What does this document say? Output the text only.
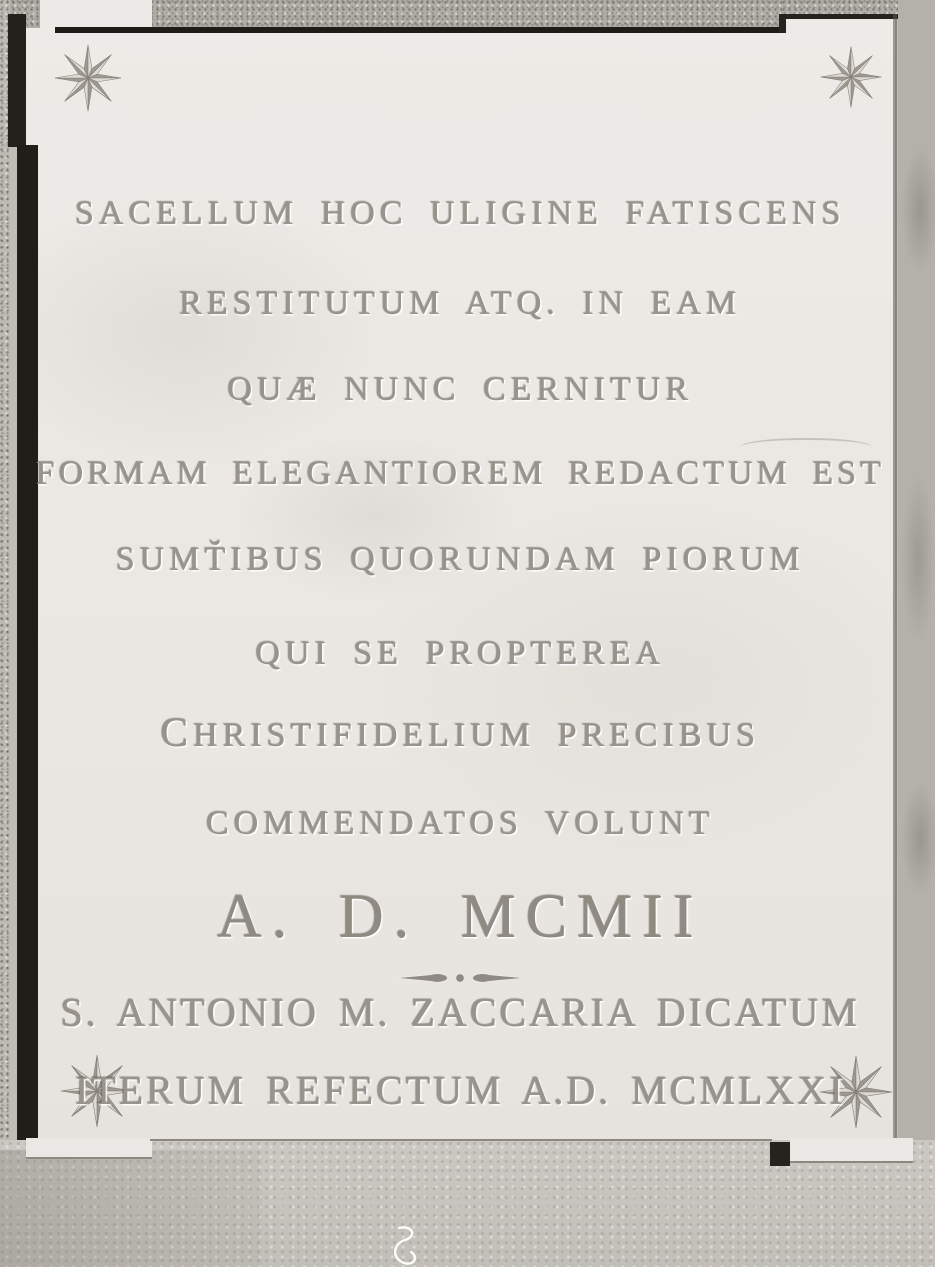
SACELLUM HOC ULIGINE FATISCENS
RESTITUTUM ATQ. IN EAM
QUÆ NUNC CERNITUR
FORMAM ELEGANTIOREM REDACTUM EST
SUMT̆IBUS QUORUNDAM PIORUM
QUI SE PROPTEREA
CHRISTIFIDELIUM PRECIBUS
COMMENDATOS VOLUNT
A. D. MCMII
S. ANTONIO M. ZACCARIA DICATUM
ITERUM REFECTUM A.D. MCMLXXI
